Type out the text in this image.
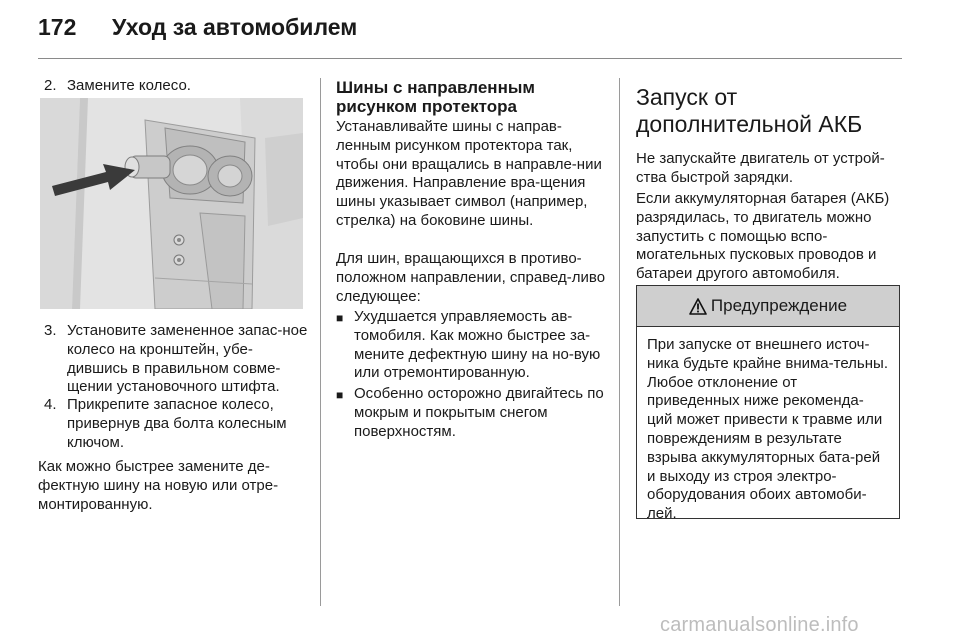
172 Уход за автомобилем
2. Замените колесо.
3. Установите замененное запас-ное колесо на кронштейн, убе-дившись в правильном совме-щении установочного штифта.
4. Прикрепите запасное колесо, привернув два болта колесным ключом.
Как можно быстрее замените де-фектную шину на новую или отре-монтированную.
Шины с направленным рисунком протектора
Устанавливайте шины с направ-ленным рисунком протектора так, чтобы они вращались в направле-нии движения. Направление вра-щения шины указывает символ (например, стрелка) на боковине шины.
Для шин, вращающихся в противо-положном направлении, справед-ливо следующее:
■ Ухудшается управляемость ав-томобиля. Как можно быстрее за-мените дефектную шину на но-вую или отремонтированную.
■ Особенно осторожно двигайтесь по мокрым и покрытым снегом поверхностям.
Запуск от дополнительной АКБ
Не запускайте двигатель от устрой-ства быстрой зарядки.
Если аккумуляторная батарея (АКБ) разрядилась, то двигатель можно запустить с помощью вспо-могательных пусковых проводов и батареи другого автомобиля.
Предупреждение
При запуске от внешнего источ-ника будьте крайне внима-тельны. Любое отклонение от приведенных ниже рекоменда-ций может привести к травме или повреждениям в результате взрыва аккумуляторных бата-рей и выходу из строя электро-оборудования обоих автомоби-лей.
carmanualsonline.info
